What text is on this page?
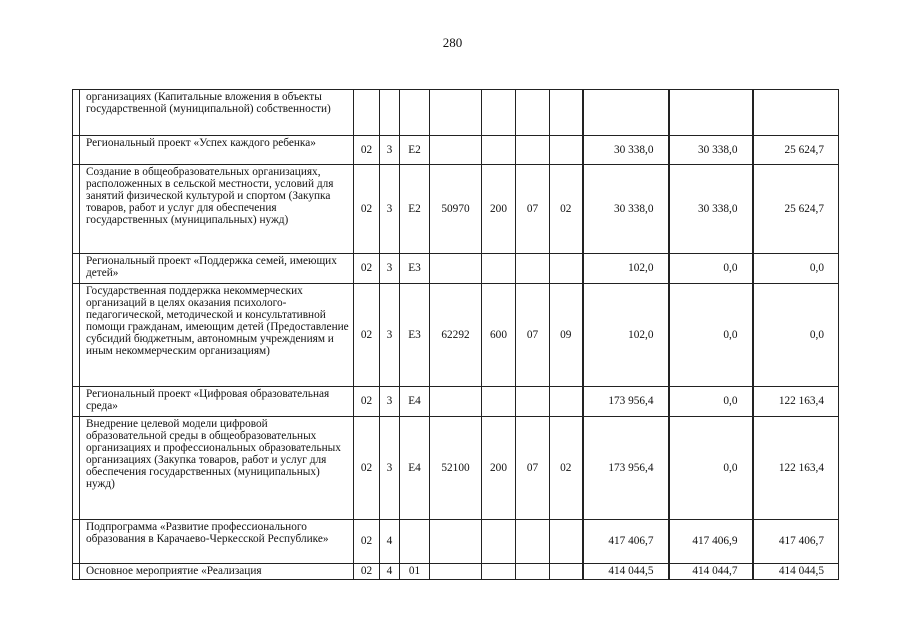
280
	организациях (Капитальные вложения в объекты государственной (муниципальной) собственности)										
	Региональный проект «Успех каждого ребенка»	02	3	Е2					30 338,0	30 338,0	25 624,7
	Создание в общеобразовательных организациях, расположенных в сельской местности, условий для занятий физической культурой и спортом (Закупка товаров, работ и услуг для обеспечения государственных (муниципальных) нужд)	02	3	Е2	50970	200	07	02	30 338,0	30 338,0	25 624,7
	Региональный проект «Поддержка семей, имеющих детей»	02	3	Е3					102,0	0,0	0,0
	Государственная поддержка некоммерческих организаций в целях оказания психолого-педагогической, методической и консультативной помощи гражданам, имеющим детей (Предоставление субсидий бюджетным, автономным учреждениям и иным некоммерческим организациям)	02	3	Е3	62292	600	07	09	102,0	0,0	0,0
	Региональный проект «Цифровая образовательная среда»	02	3	Е4					173 956,4	0,0	122 163,4
	Внедрение целевой модели цифровой образовательной среды в общеобразовательных организациях и профессиональных образовательных организациях (Закупка товаров, работ и услуг для обеспечения государственных (муниципальных) нужд)	02	3	Е4	52100	200	07	02	173 956,4	0,0	122 163,4
	Подпрограмма «Развитие профессионального образования в Карачаево-Черкесской Республике»	02	4						417 406,7	417 406,9	417 406,7
	Основное мероприятие «Реализация	02	4	01					414 044,5	414 044,7	414 044,5
